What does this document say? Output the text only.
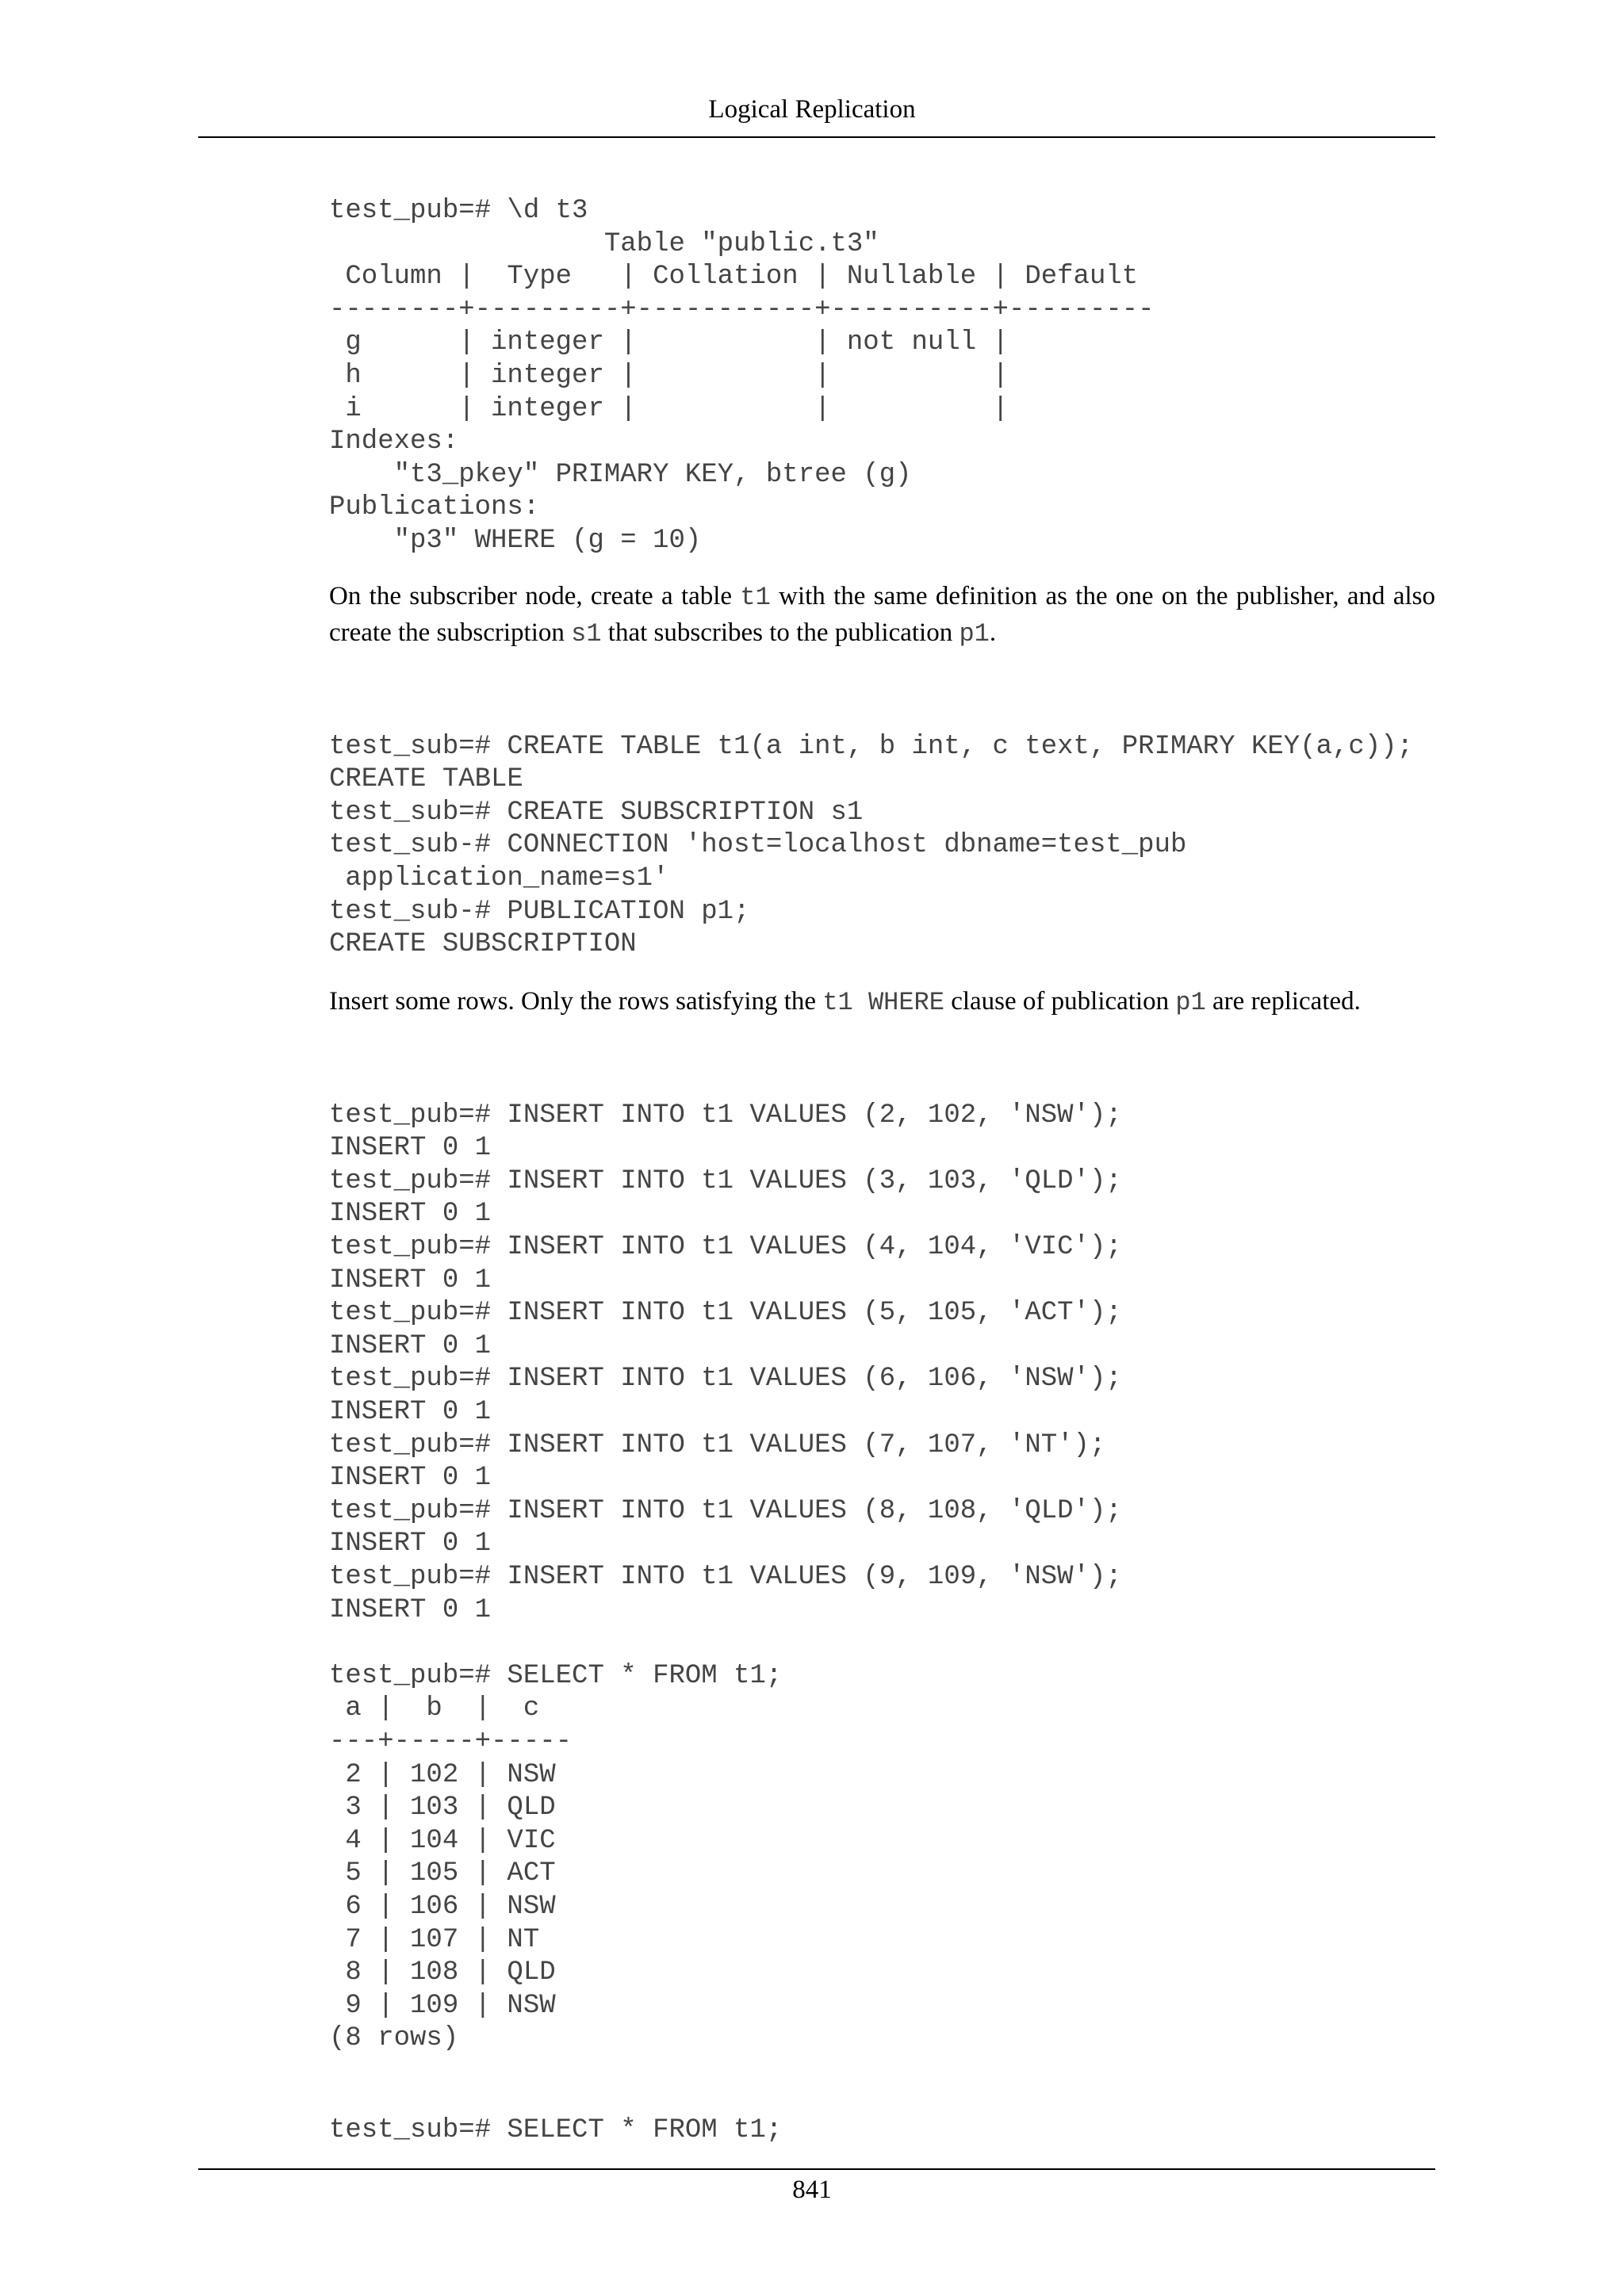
Logical Replication
test_pub=# \d t3
Table "public.t3"
Column |  Type   | Collation | Nullable | Default
--------+---------+-----------+----------+---------
g      | integer |           | not null |
h      | integer |           |          |
i      | integer |           |          |
Indexes:
"t3_pkey" PRIMARY KEY, btree (g)
Publications:
"p3" WHERE (g = 10)

On the subscriber node, create a table t1 with the same definition as the one on the publisher, and also create the subscription s1 that subscribes to the publication p1.

test_sub=# CREATE TABLE t1(a int, b int, c text, PRIMARY KEY(a,c));
CREATE TABLE
test_sub=# CREATE SUBSCRIPTION s1
test_sub-# CONNECTION 'host=localhost dbname=test_pub
application_name=s1'
test_sub-# PUBLICATION p1;
CREATE SUBSCRIPTION

Insert some rows. Only the rows satisfying the t1 WHERE clause of publication p1 are replicated.

test_pub=# INSERT INTO t1 VALUES (2, 102, 'NSW');
INSERT 0 1
test_pub=# INSERT INTO t1 VALUES (3, 103, 'QLD');
INSERT 0 1
test_pub=# INSERT INTO t1 VALUES (4, 104, 'VIC');
INSERT 0 1
test_pub=# INSERT INTO t1 VALUES (5, 105, 'ACT');
INSERT 0 1
test_pub=# INSERT INTO t1 VALUES (6, 106, 'NSW');
INSERT 0 1
test_pub=# INSERT INTO t1 VALUES (7, 107, 'NT');
INSERT 0 1
test_pub=# INSERT INTO t1 VALUES (8, 108, 'QLD');
INSERT 0 1
test_pub=# INSERT INTO t1 VALUES (9, 109, 'NSW');
INSERT 0 1
test_pub=# SELECT * FROM t1;
a |  b  |  c
---+-----+-----
2 | 102 | NSW
3 | 103 | QLD
4 | 104 | VIC
5 | 105 | ACT
6 | 106 | NSW
7 | 107 | NT
8 | 108 | QLD
9 | 109 | NSW
(8 rows)
test_sub=# SELECT * FROM t1;
841
